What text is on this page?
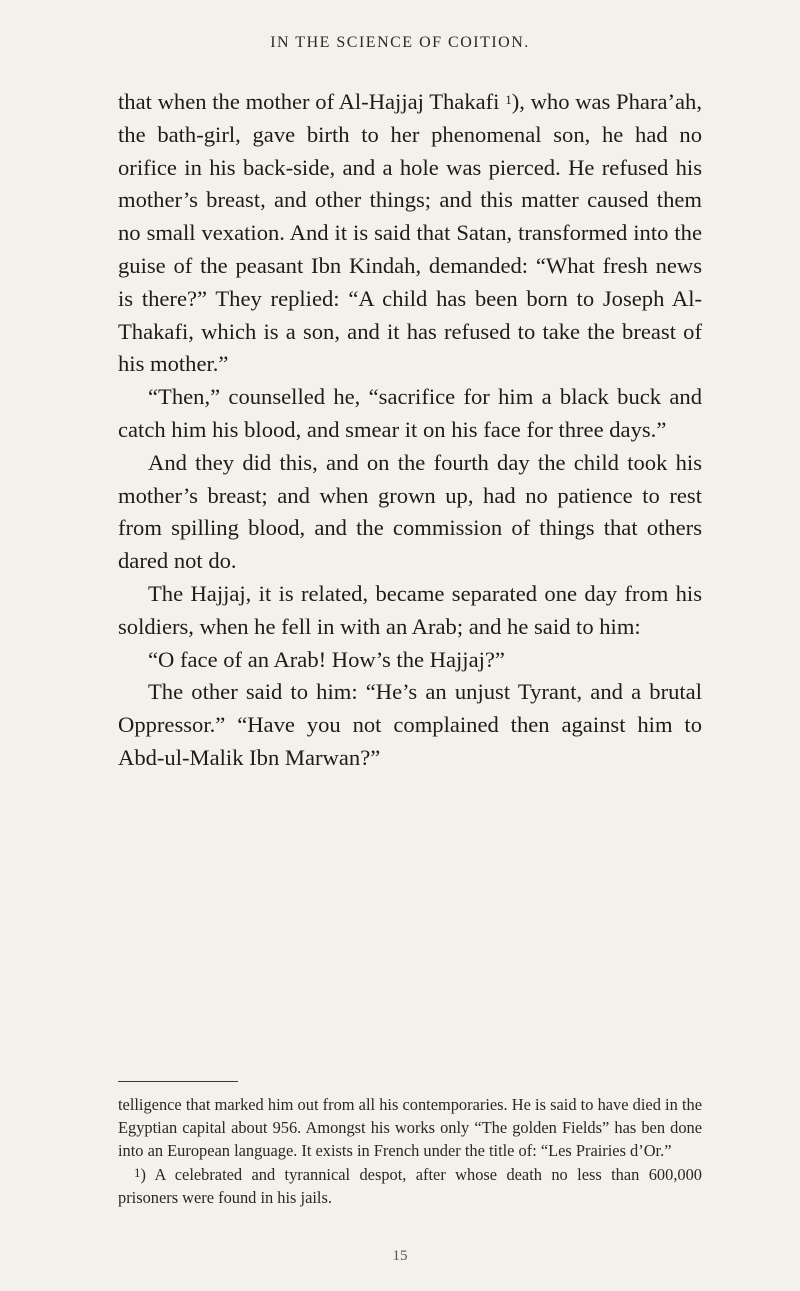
IN THE SCIENCE OF COITION.

that when the mother of Al-Hajjaj Thakafi $^1$), who was Phara’ah, the bath-girl, gave birth to her phenomenal son, he had no orifice in his back-side, and a hole was pierced. He refused his mother’s breast, and other things; and this matter caused them no small vexation. And it is said that Satan, transformed into the guise of the peasant Ibn Kindah, demanded: “What fresh news is there?” They replied: “A child has been born to Joseph Al-Thakafi, which is a son, and it has refused to take the breast of his mother.”

“Then,” counselled he, “sacrifice for him a black buck and catch him his blood, and smear it on his face for three days.”

And they did this, and on the fourth day the child took his mother’s breast; and when grown up, had no patience to rest from spilling blood, and the commission of things that others dared not do.

The Hajjaj, it is related, became separated one day from his soldiers, when he fell in with an Arab; and he said to him:

“O face of an Arab! How’s the Hajjaj?”

The other said to him: “He’s an unjust Tyrant, and a brutal Oppressor.” “Have you not complained then against him to Abd-ul-Malik Ibn Marwan?”

telligence that marked him out from all his contemporaries. He is said to have died in the Egyptian capital about 956. Amongst his works only “The golden Fields” has ben done into an European language. It exists in French under the title of: “Les Prairies d’Or.”

$^1$) A celebrated and tyrannical despot, after whose death no less than 600,000 prisoners were found in his jails.

15
